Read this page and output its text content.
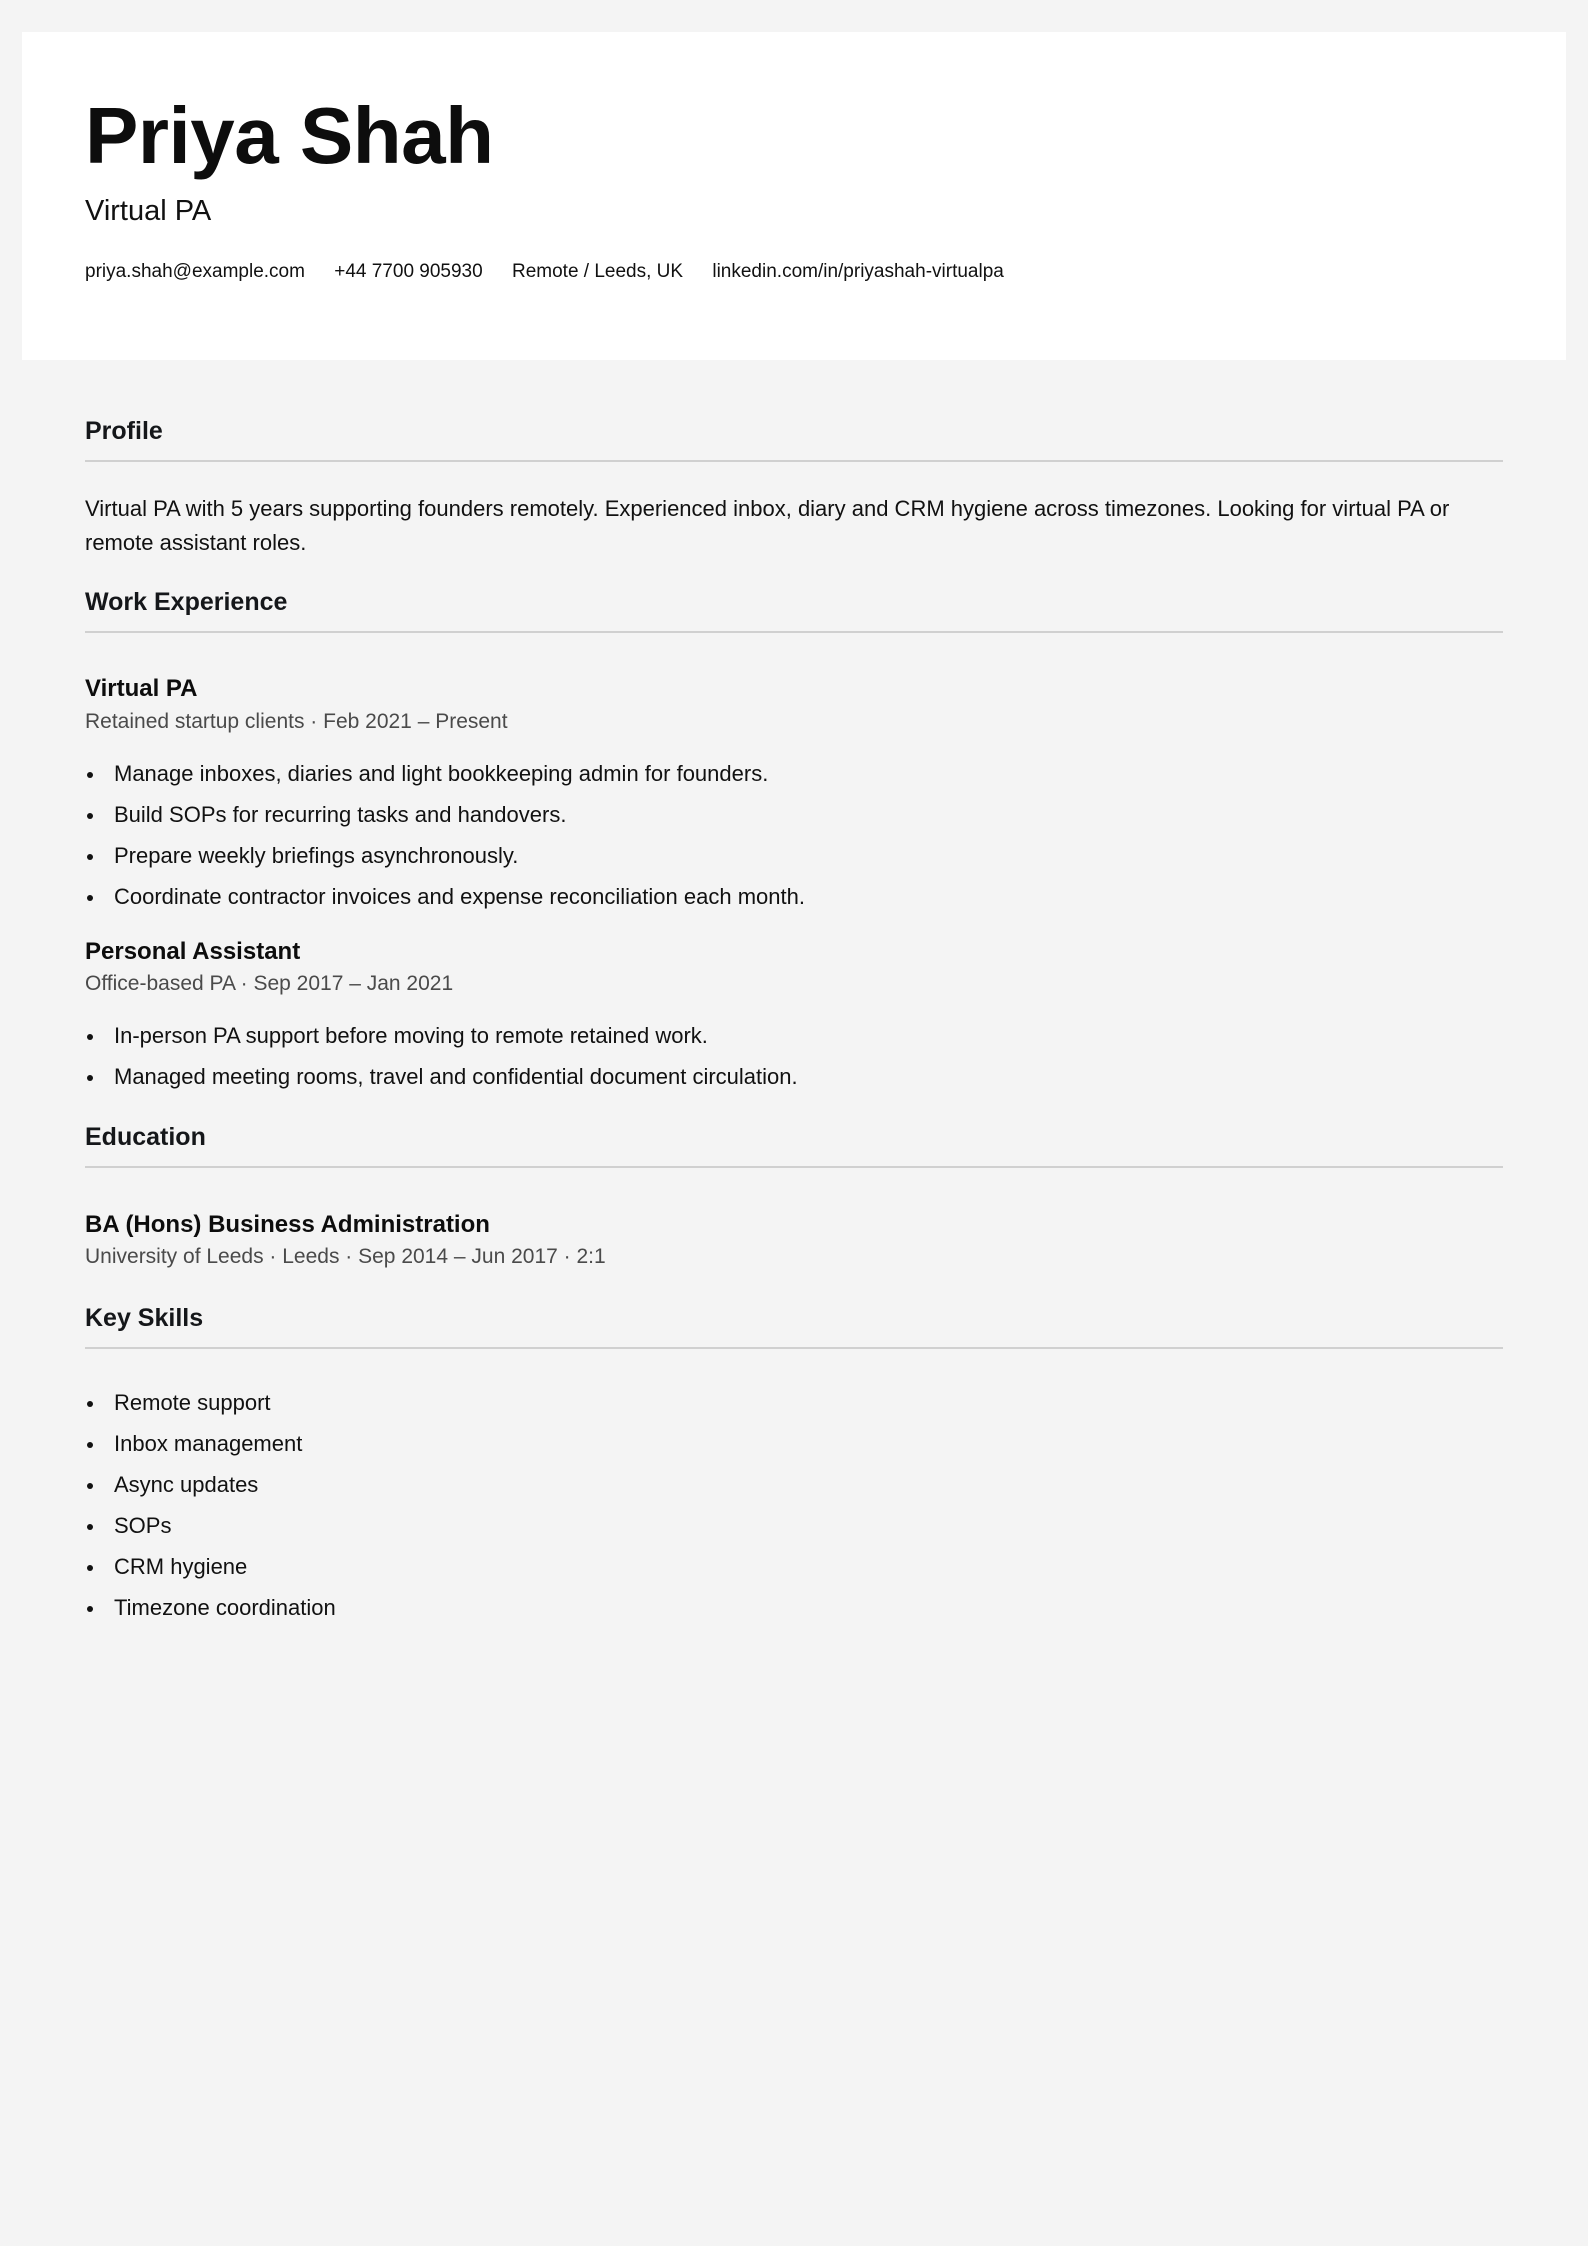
Priya Shah
Virtual PA
priya.shah@example.com +44 7700 905930 Remote / Leeds, UK linkedin.com/in/priyashah-virtualpa
Profile
Virtual PA with 5 years supporting founders remotely. Experienced inbox, diary and CRM hygiene across timezones. Looking for virtual PA or remote assistant roles.
Work Experience
Virtual PA
Retained startup clients · Feb 2021 – Present
Manage inboxes, diaries and light bookkeeping admin for founders.
Build SOPs for recurring tasks and handovers.
Prepare weekly briefings asynchronously.
Coordinate contractor invoices and expense reconciliation each month.
Personal Assistant
Office-based PA · Sep 2017 – Jan 2021
In-person PA support before moving to remote retained work.
Managed meeting rooms, travel and confidential document circulation.
Education
BA (Hons) Business Administration
University of Leeds · Leeds · Sep 2014 – Jun 2017 · 2:1
Key Skills
Remote support
Inbox management
Async updates
SOPs
CRM hygiene
Timezone coordination
